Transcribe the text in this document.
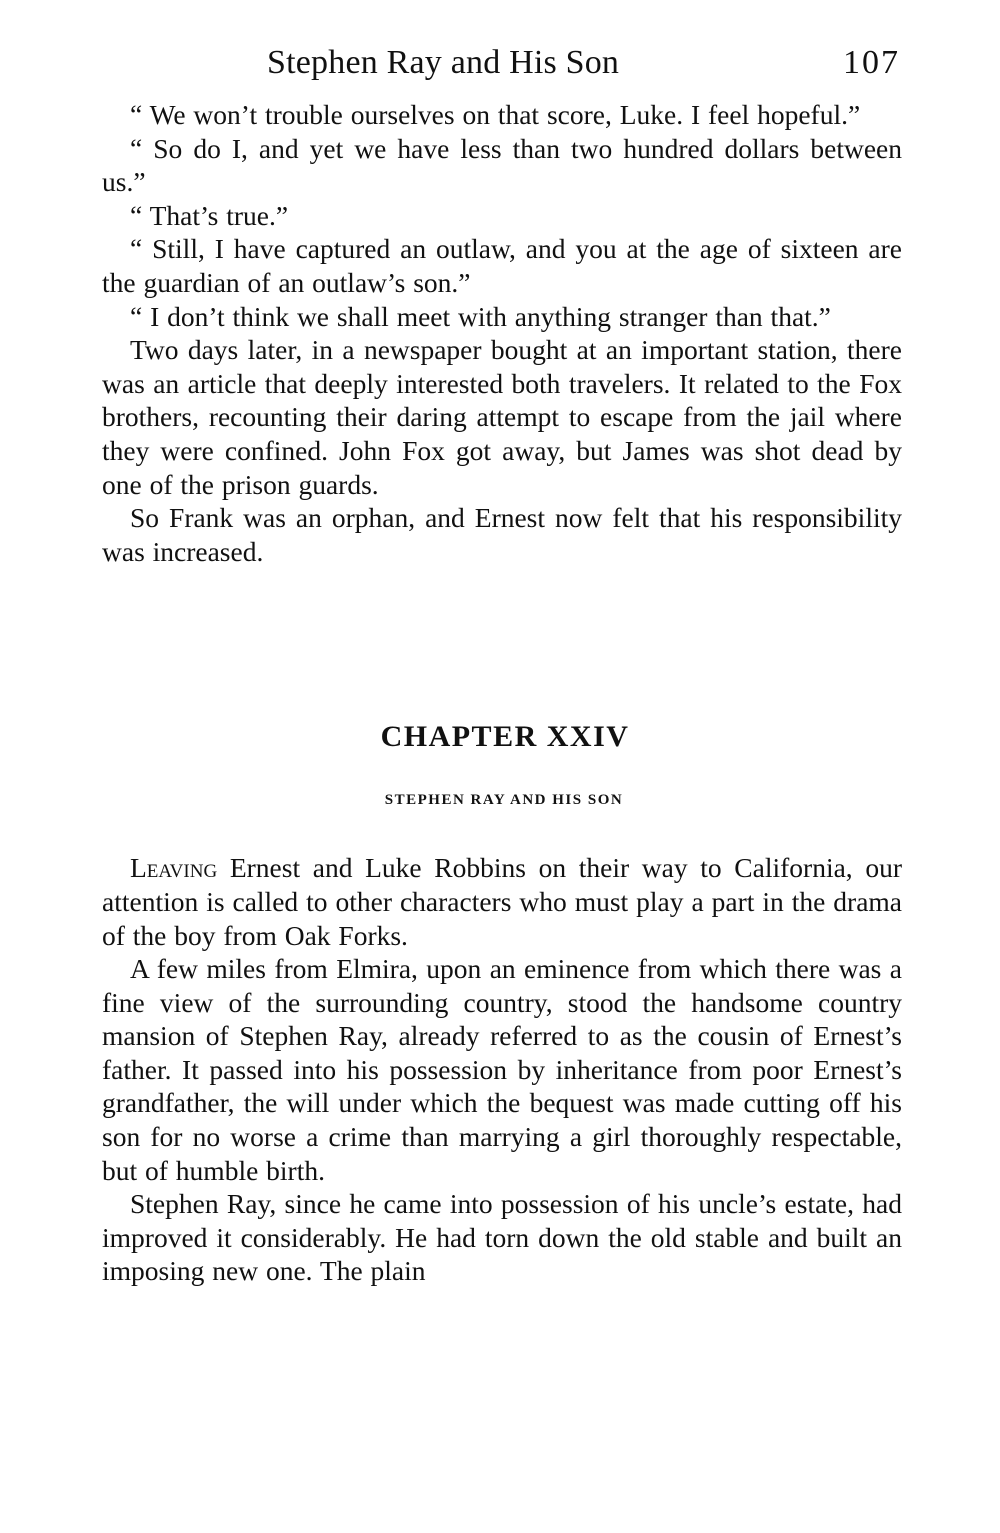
Stephen Ray and His Son	107

“ We won’t trouble ourselves on that score, Luke. I feel hopeful.”

“ So do I, and yet we have less than two hundred dollars between us.”

“ That’s true.”

“ Still, I have captured an outlaw, and you at the age of sixteen are the guardian of an outlaw’s son.”

“ I don’t think we shall meet with anything stranger than that.”

Two days later, in a newspaper bought at an important station, there was an article that deeply interested both travelers. It related to the Fox brothers, recounting their daring attempt to escape from the jail where they were confined. John Fox got away, but James was shot dead by one of the prison guards.

So Frank was an orphan, and Ernest now felt that his responsibility was increased.

CHAPTER XXIV
STEPHEN RAY AND HIS SON

Leaving Ernest and Luke Robbins on their way to California, our attention is called to other characters who must play a part in the drama of the boy from Oak Forks.

A few miles from Elmira, upon an eminence from which there was a fine view of the surrounding country, stood the handsome country mansion of Stephen Ray, already referred to as the cousin of Ernest’s father. It passed into his possession by inheritance from poor Ernest’s grandfather, the will under which the bequest was made cutting off his son for no worse a crime than marrying a girl thoroughly respectable, but of humble birth.

Stephen Ray, since he came into possession of his uncle’s estate, had improved it considerably. He had torn down the old stable and built an imposing new one. The plain
